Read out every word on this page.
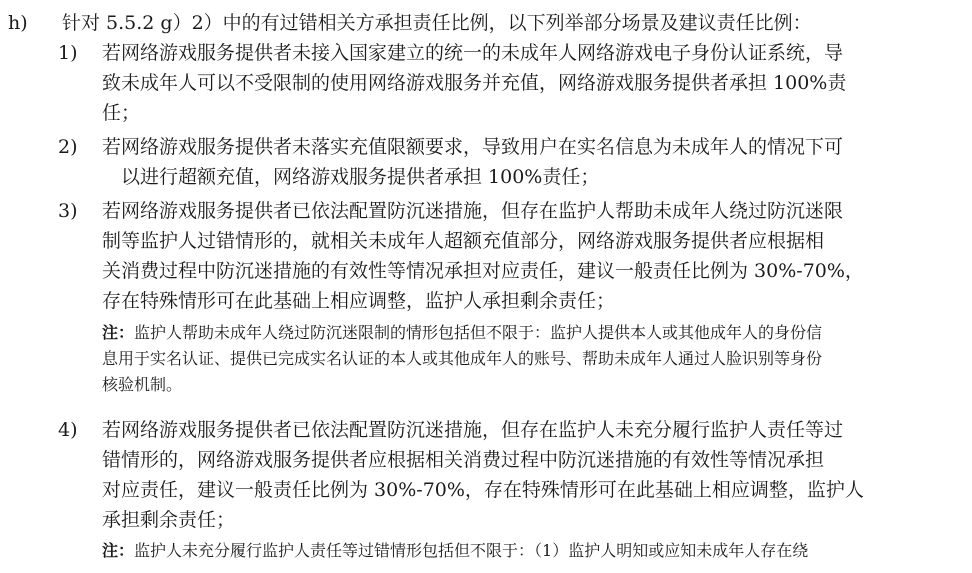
h) 针对 5.5.2 g）2）中的有过错相关方承担责任比例，以下列举部分场景及建议责任比例：
1) 若网络游戏服务提供者未接入国家建立的统一的未成年人网络游戏电子身份认证系统，导
致未成年人可以不受限制的使用网络游戏服务并充值，网络游戏服务提供者承担 100%责
任；
2) 若网络游戏服务提供者未落实充值限额要求，导致用户在实名信息为未成年人的情况下可
以进行超额充值，网络游戏服务提供者承担 100%责任；
3) 若网络游戏服务提供者已依法配置防沉迷措施，但存在监护人帮助未成年人绕过防沉迷限
制等监护人过错情形的，就相关未成年人超额充值部分，网络游戏服务提供者应根据相
关消费过程中防沉迷措施的有效性等情况承担对应责任，建议一般责任比例为 30%-70%，
存在特殊情形可在此基础上相应调整，监护人承担剩余责任；
注：监护人帮助未成年人绕过防沉迷限制的情形包括但不限于：监护人提供本人或其他成年人的身份信
息用于实名认证、提供已完成实名认证的本人或其他成年人的账号、帮助未成年人通过人脸识别等身份
核验机制。
4) 若网络游戏服务提供者已依法配置防沉迷措施，但存在监护人未充分履行监护人责任等过
错情形的，网络游戏服务提供者应根据相关消费过程中防沉迷措施的有效性等情况承担
对应责任，建议一般责任比例为 30%-70%，存在特殊情形可在此基础上相应调整，监护人
承担剩余责任；
注：监护人未充分履行监护人责任等过错情形包括但不限于：（1）监护人明知或应知未成年人存在绕
